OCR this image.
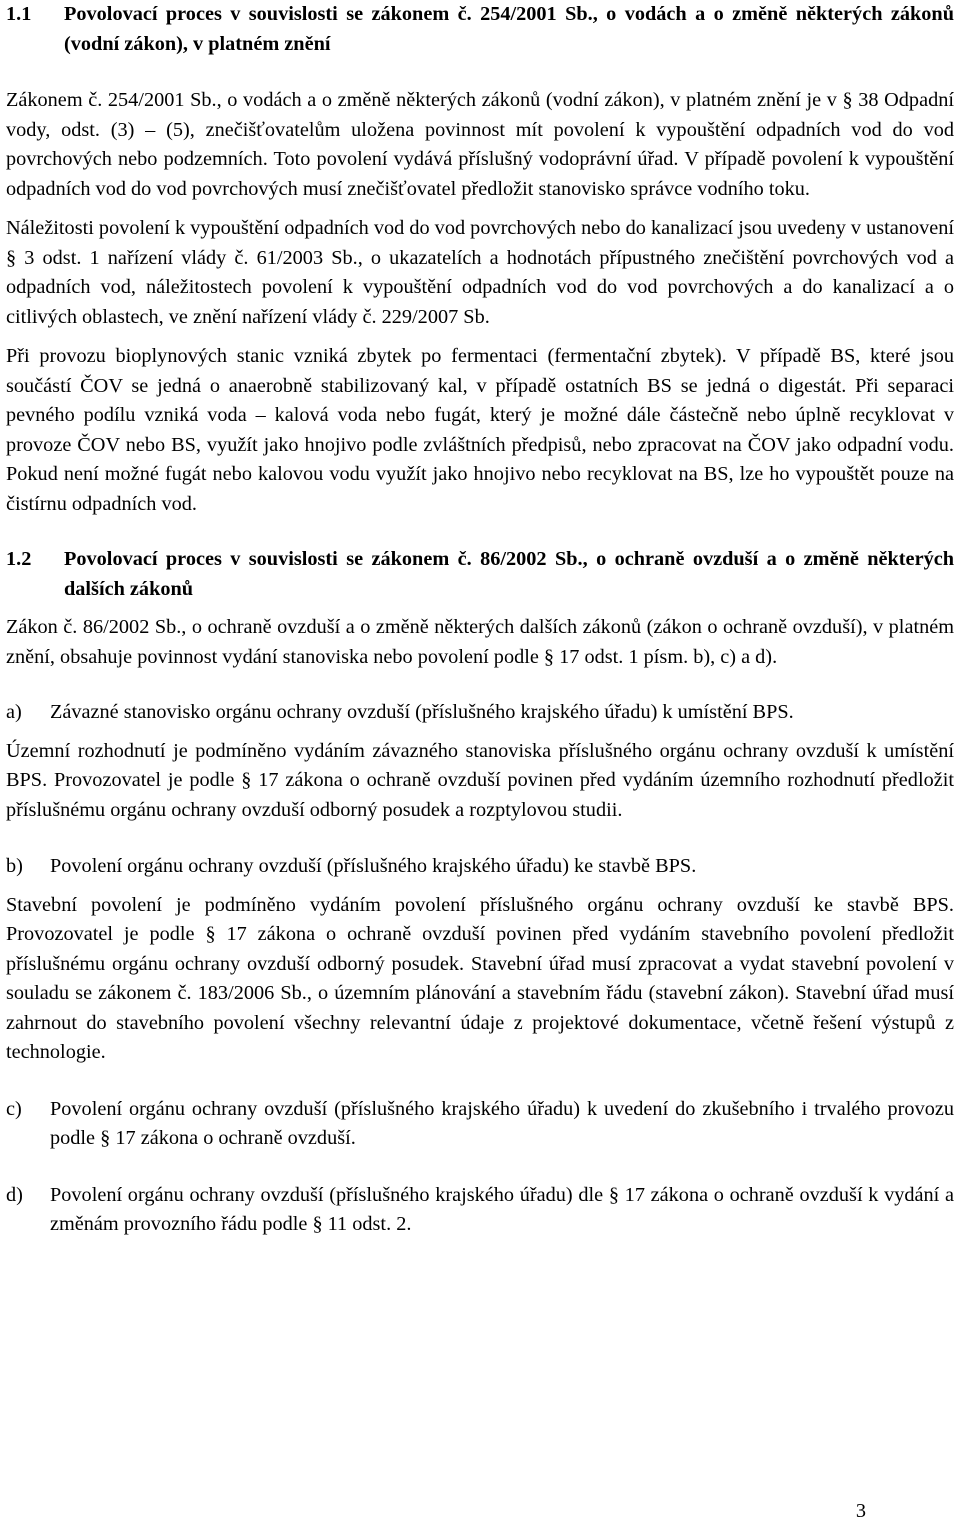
1.1	Povolovací proces v souvislosti se zákonem č. 254/2001 Sb., o vodách a o změně některých zákonů (vodní zákon), v platném znění

Zákonem č. 254/2001 Sb., o vodách a o změně některých zákonů (vodní zákon), v platném znění je v § 38 Odpadní vody, odst. (3) – (5), znečišťovatelům uložena povinnost mít povolení k vypouštění odpadních vod do vod povrchových nebo podzemních. Toto povolení vydává příslušný vodoprávní úřad. V případě povolení k vypouštění odpadních vod do vod povrchových musí znečišťovatel předložit stanovisko správce vodního toku.

Náležitosti povolení k vypouštění odpadních vod do vod povrchových nebo do kanalizací jsou uvedeny v ustanovení § 3 odst. 1 nařízení vlády č. 61/2003 Sb., o ukazatelích a hodnotách přípustného znečištění povrchových vod a odpadních vod, náležitostech povolení k vypouštění odpadních vod do vod povrchových a do kanalizací a o citlivých oblastech, ve znění nařízení vlády č. 229/2007 Sb.

Při provozu bioplynových stanic vzniká zbytek po fermentaci (fermentační zbytek). V případě BS, které jsou součástí ČOV se jedná o anaerobně stabilizovaný kal, v případě ostatních BS se jedná o digestát. Při separaci pevného podílu vzniká voda – kalová voda nebo fugát, který je možné dále částečně nebo úplně recyklovat v provoze ČOV nebo BS, využít jako hnojivo podle zvláštních předpisů, nebo zpracovat na ČOV jako odpadní vodu. Pokud není možné fugát nebo kalovou vodu využít jako hnojivo nebo recyklovat na BS, lze ho vypouštět pouze na čistírnu odpadních vod.

1.2	Povolovací proces v souvislosti se zákonem č. 86/2002 Sb., o ochraně ovzduší a o změně některých dalších zákonů

Zákon č. 86/2002 Sb., o ochraně ovzduší a o změně některých dalších zákonů (zákon o ochraně ovzduší), v platném znění, obsahuje povinnost vydání stanoviska nebo povolení podle § 17 odst. 1 písm. b), c) a d).

a)	Závazné stanovisko orgánu ochrany ovzduší (příslušného krajského úřadu) k umístění BPS.

Územní rozhodnutí je podmíněno vydáním závazného stanoviska příslušného orgánu ochrany ovzduší k umístění BPS. Provozovatel je podle § 17 zákona o ochraně ovzduší povinen před vydáním územního rozhodnutí předložit příslušnému orgánu ochrany ovzduší odborný posudek a rozptylovou studii.

b)	Povolení orgánu ochrany ovzduší (příslušného krajského úřadu) ke stavbě BPS.

Stavební povolení je podmíněno vydáním povolení příslušného orgánu ochrany ovzduší ke stavbě BPS. Provozovatel je podle § 17 zákona o ochraně ovzduší povinen před vydáním stavebního povolení předložit příslušnému orgánu ochrany ovzduší odborný posudek. Stavební úřad musí zpracovat a vydat stavební povolení v souladu se zákonem č. 183/2006 Sb., o územním plánování a stavebním řádu (stavební zákon). Stavební úřad musí zahrnout do stavebního povolení všechny relevantní údaje z projektové dokumentace, včetně řešení výstupů z technologie.

c)	Povolení orgánu ochrany ovzduší (příslušného krajského úřadu) k uvedení do zkušebního i trvalého provozu podle § 17 zákona o ochraně ovzduší.
d)	Povolení orgánu ochrany ovzduší (příslušného krajského úřadu) dle § 17 zákona o ochraně ovzduší k vydání a změnám provozního řádu podle § 11 odst. 2.
3
